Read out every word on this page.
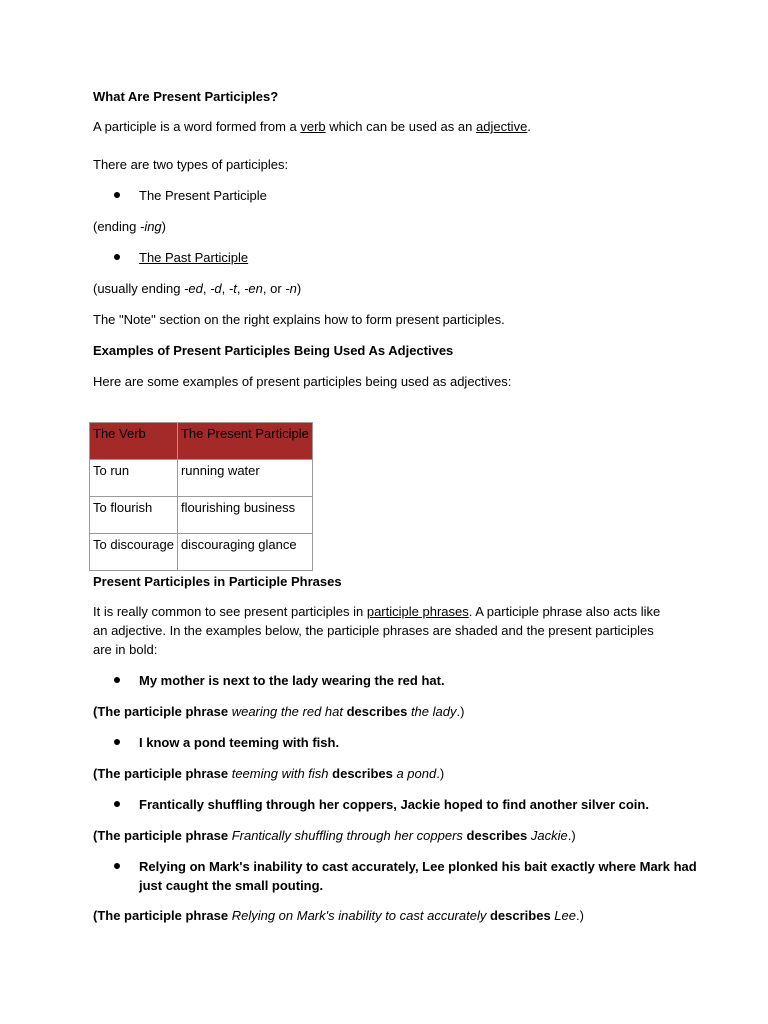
What Are Present Participles?
A participle is a word formed from a verb which can be used as an adjective.
There are two types of participles:
The Present Participle
(ending -ing)
The Past Participle
(usually ending -ed, -d, -t, -en, or -n)
The "Note" section on the right explains how to form present participles.
Examples of Present Participles Being Used As Adjectives
Here are some examples of present participles being used as adjectives:
The Verb	The Present Participle
To run	running water
To flourish	flourishing business
To discourage	discouraging glance
Present Participles in Participle Phrases
It is really common to see present participles in participle phrases. A participle phrase also acts like
an adjective. In the examples below, the participle phrases are shaded and the present participles
are in bold:
My mother is next to the lady wearing the red hat.
(The participle phrase wearing the red hat describes the lady.)
I know a pond teeming with fish.
(The participle phrase teeming with fish describes a pond.)
Frantically shuffling through her coppers, Jackie hoped to find another silver coin.
(The participle phrase Frantically shuffling through her coppers describes Jackie.)
Relying on Mark's inability to cast accurately, Lee plonked his bait exactly where Mark had
just caught the small pouting.
(The participle phrase Relying on Mark's inability to cast accurately describes Lee.)
